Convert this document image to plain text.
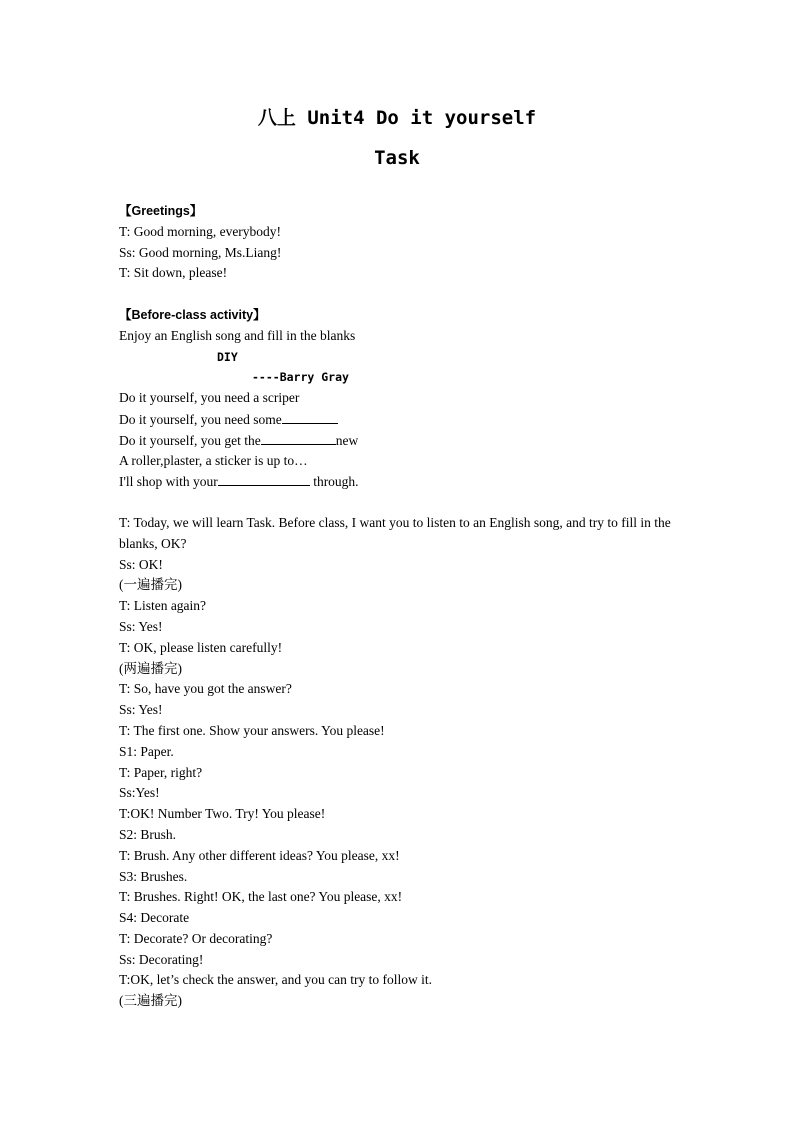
八上 Unit4 Do it yourself
Task
【Greetings】
T: Good morning, everybody!
Ss: Good morning, Ms.Liang!
T: Sit down, please!
【Before-class activity】
Enjoy an English song and fill in the blanks
DIY
----Barry Gray
Do it yourself, you need a scriper
Do it yourself, you need some
Do it yourself, you get the	new
A roller,plaster, a sticker is up to…
I'll shop with your	through.
T: Today, we will learn Task. Before class, I want you to listen to an English song, and try to fill in the blanks, OK?
Ss: OK!
(一遍播完)
T: Listen again?
Ss: Yes!
T: OK, please listen carefully!
(两遍播完)
T: So, have you got the answer?
Ss: Yes!
T: The first one. Show your answers. You please!
S1: Paper.
T: Paper, right?
Ss:Yes!
T:OK! Number Two. Try! You please!
S2: Brush.
T: Brush. Any other different ideas? You please, xx!
S3: Brushes.
T: Brushes. Right! OK, the last one? You please, xx!
S4: Decorate
T: Decorate? Or decorating?
Ss: Decorating!
T:OK, let’s check the answer, and you can try to follow it.
(三遍播完)
